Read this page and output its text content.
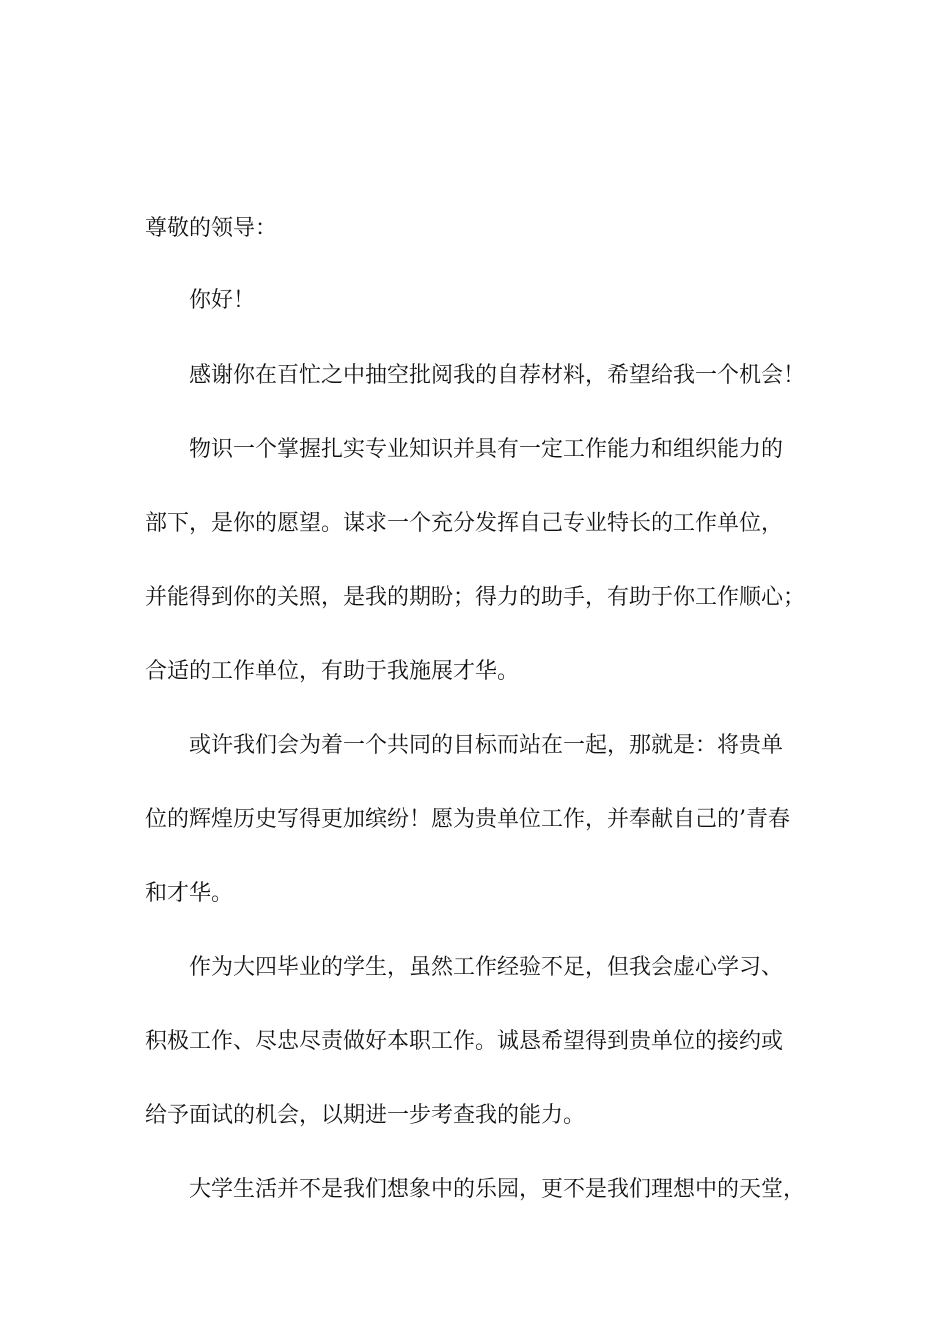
尊敬的领导：
你好！
感谢你在百忙之中抽空批阅我的自荐材料，希望给我一个机会！
物识一个掌握扎实专业知识并具有一定工作能力和组织能力的
部下，是你的愿望。谋求一个充分发挥自己专业特长的工作单位，
并能得到你的关照，是我的期盼；得力的助手，有助于你工作顺心；
合适的工作单位，有助于我施展才华。
或许我们会为着一个共同的目标而站在一起，那就是：将贵单
位的辉煌历史写得更加缤纷！愿为贵单位工作，并奉献自己的’青春
和才华。
作为大四毕业的学生，虽然工作经验不足，但我会虚心学习、
积极工作、尽忠尽责做好本职工作。诚恳希望得到贵单位的接约或
给予面试的机会，以期进一步考查我的能力。
大学生活并不是我们想象中的乐园，更不是我们理想中的天堂，
